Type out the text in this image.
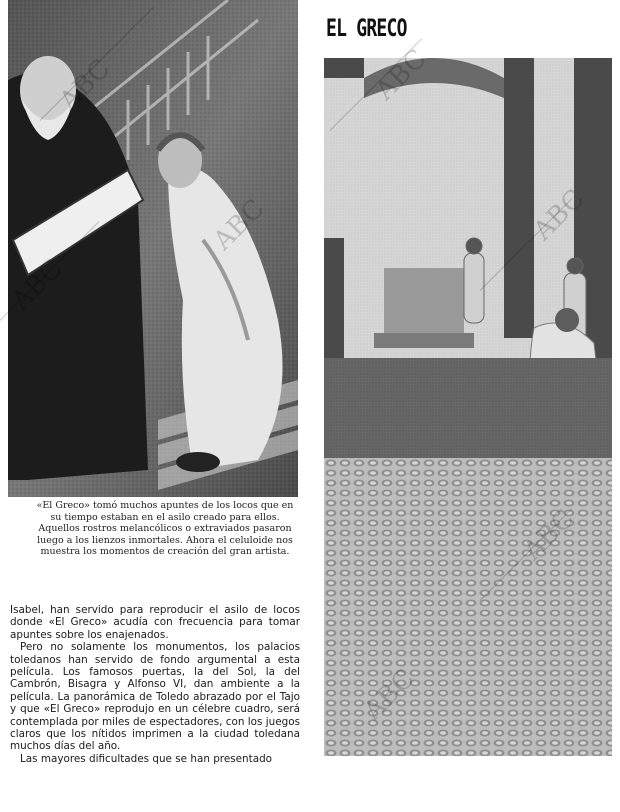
EL GRECO
«El Greco» tomó muchos apuntes de los locos que en su tiempo estaban en el asilo creado para ellos. Aquellos rostros melancólicos o extraviados pasaron luego a los lienzos inmortales. Ahora el celuloide nos muestra los momentos de creación del gran artista.

Isabel, han servido para reproducir el asilo de locos donde «El Greco» acudía con frecuencia para tomar apuntes sobre los enajenados.

Pero no solamente los monumentos, los palacios toledanos han servido de fondo argumental a esta película. Los famosos puertas, la del Sol, la del Cambrón, Bisagra y Alfonso VI, dan ambiente a la película. La panorámica de Toledo abrazado por el Tajo y que «El Greco» reprodujo en un célebre cuadro, será contemplada por miles de espectadores, con los juegos claros que los nítidos imprimen a la ciudad toledana muchos días del año.

Las mayores dificultades que se han presentado
